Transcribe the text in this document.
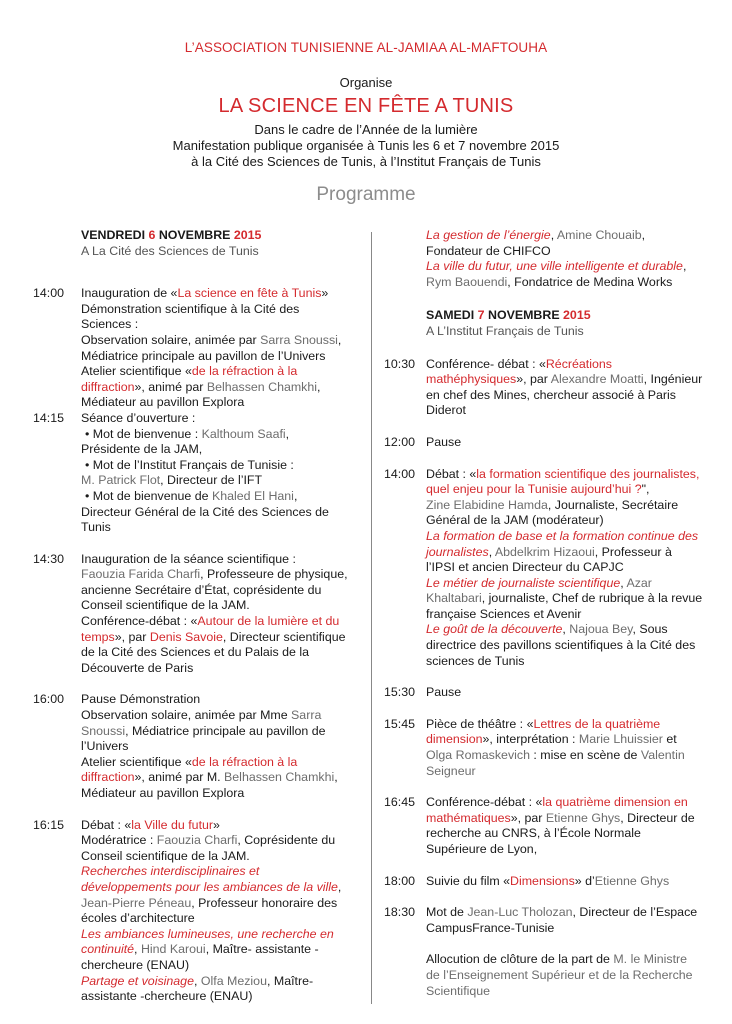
L’ASSOCIATION TUNISIENNE AL-JAMIAA AL-MAFTOUHA
Organise
LA SCIENCE EN FÊTE A TUNIS
Dans le cadre de l’Année de la lumière
Manifestation publique organisée à Tunis les 6 et 7 novembre 2015
à la Cité des Sciences de Tunis, à l’Institut Français de Tunis
Programme
VENDREDI 6 NOVEMBRE 2015
A La Cité des Sciences de Tunis
14:00	Inauguration de «La science en fête à Tunis»
Démonstration scientifique à la Cité des Sciences :
Observation solaire, animée par Sarra Snoussi,
Médiatrice principale au pavillon de l’Univers
Atelier scientifique «de la réfraction à la diffraction», animé par Belhassen Chamkhi,
Médiateur au pavillon Explora
14:15	Séance d’ouverture :
• Mot de bienvenue : Kalthoum Saafi,
Présidente de la JAM,
• Mot de l’Institut Français de Tunisie :
M. Patrick Flot, Directeur de l’IFT
• Mot de bienvenue de Khaled El Hani,
Directeur Général de la Cité des Sciences de Tunis
14:30	Inauguration de la séance scientifique :
Faouzia Farida Charfi, Professeure de physique, ancienne Secrétaire d’État, coprésidente du Conseil scientifique de la JAM.
Conférence-débat : «Autour de la lumière et du temps», par Denis Savoie, Directeur scientifique de la Cité des Sciences et du Palais de la Découverte de Paris
16:00	Pause Démonstration
Observation solaire, animée par Mme Sarra Snoussi, Médiatrice principale au pavillon de l’Univers
Atelier scientifique «de la réfraction à la diffraction», animé par M. Belhassen Chamkhi, Médiateur au pavillon Explora
16:15	Débat : «la Ville du futur»
Modératrice : Faouzia Charfi, Coprésidente du Conseil scientifique de la JAM.
Recherches interdisciplinaires et développements pour les ambiances de la ville,
Jean-Pierre Péneau, Professeur honoraire des écoles d’architecture
Les ambiances lumineuses, une recherche en continuité, Hind Karoui, Maître- assistante -chercheure (ENAU)
Partage et voisinage, Olfa Meziou, Maître- assistante -chercheure (ENAU)
La gestion de l’énergie, Amine Chouaib, Fondateur de CHIFCO
La ville du futur, une ville intelligente et durable,
Rym Baouendi, Fondatrice de Medina Works
SAMEDI 7 NOVEMBRE 2015
A L’Institut Français de Tunis
10:30 Conférence- débat : «Récréations mathéphysiques», par Alexandre Moatti, Ingénieur en chef des Mines, chercheur associé à Paris Diderot
12:00 Pause
14:00 Débat : «la formation scientifique des journalistes, quel enjeu pour la Tunisie aujourd’hui ?",
Zine Elabidine Hamda, Journaliste, Secrétaire Général de la JAM (modérateur)
La formation de base et la formation continue des journalistes, Abdelkrim Hizaoui, Professeur à l’IPSI et ancien Directeur du CAPJC
Le métier de journaliste scientifique, Azar Khaltabari, journaliste, Chef de rubrique à la revue française Sciences et Avenir
Le goût de la découverte, Najoua Bey, Sous directrice des pavillons scientifiques à la Cité des sciences de Tunis
15:30 Pause
15:45 Pièce de théâtre : «Lettres de la quatrième dimension», interprétation : Marie Lhuissier et Olga Romaskevich : mise en scène de Valentin Seigneur
16:45 Conférence-débat : «la quatrième dimension en mathématiques», par Etienne Ghys, Directeur de recherche au CNRS, à l’École Normale Supérieure de Lyon,
18:00 Suivie du film «Dimensions» d’Etienne Ghys
18:30 Mot de Jean-Luc Tholozan, Directeur de l’Espace CampusFrance-Tunisie
Allocution de clôture de la part de M. le Ministre de l’Enseignement Supérieur et de la Recherche Scientifique
